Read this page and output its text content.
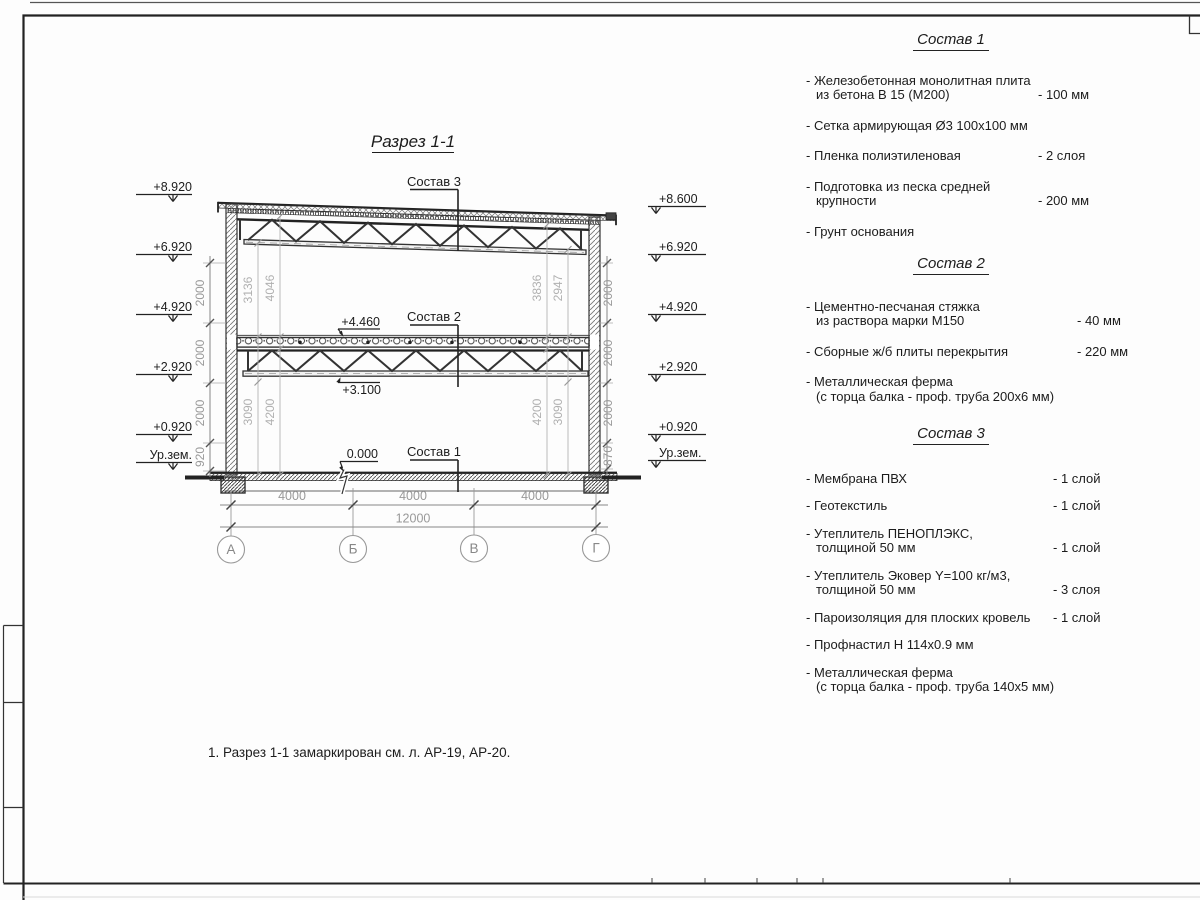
Разрез 1-1
Состав 3
Состав 2
Состав 1
+4.460
+3.100
0.000
+8.920
+6.920
+4.920
+2.920
+0.920
Ур.зем.
+8.600
+6.920
+4.920
+2.920
+0.920
Ур.зем.
2000
2000
2000
920
2000
2000
2000
870
3136 4046	3836 2947
3090 4200	4200 3090
4000	4000	4000
12000
А	Б	В	Г
Состав 1
- Железобетонная монолитная плита
из бетона В 15 (М200)	- 100 мм
- Сетка армирующая Ø3 100х100 мм
- Пленка полиэтиленовая	- 2 слоя
- Подготовка из песка средней
крупности	- 200 мм
- Грунт основания
Состав 2
- Цементно-песчаная стяжка
из раствора марки М150	- 40 мм
- Сборные ж/б плиты перекрытия	- 220 мм
- Металлическая ферма
(с торца балка - проф. труба 200х6 мм)
Состав 3
- Мембрана ПВХ	- 1 слой
- Геотекстиль	- 1 слой
- Утеплитель ПЕНОПЛЭКС,
толщиной 50 мм	- 1 слой
- Утеплитель Эковер Y=100 кг/м3,
толщиной 50 мм	- 3 слоя
- Пароизоляция для плоских кровель	- 1 слой
- Профнастил Н 114х0.9 мм
- Металлическая ферма
(с торца балка - проф. труба 140х5 мм)
1. Разрез 1-1 замаркирован см. л. АР-19, АР-20.
